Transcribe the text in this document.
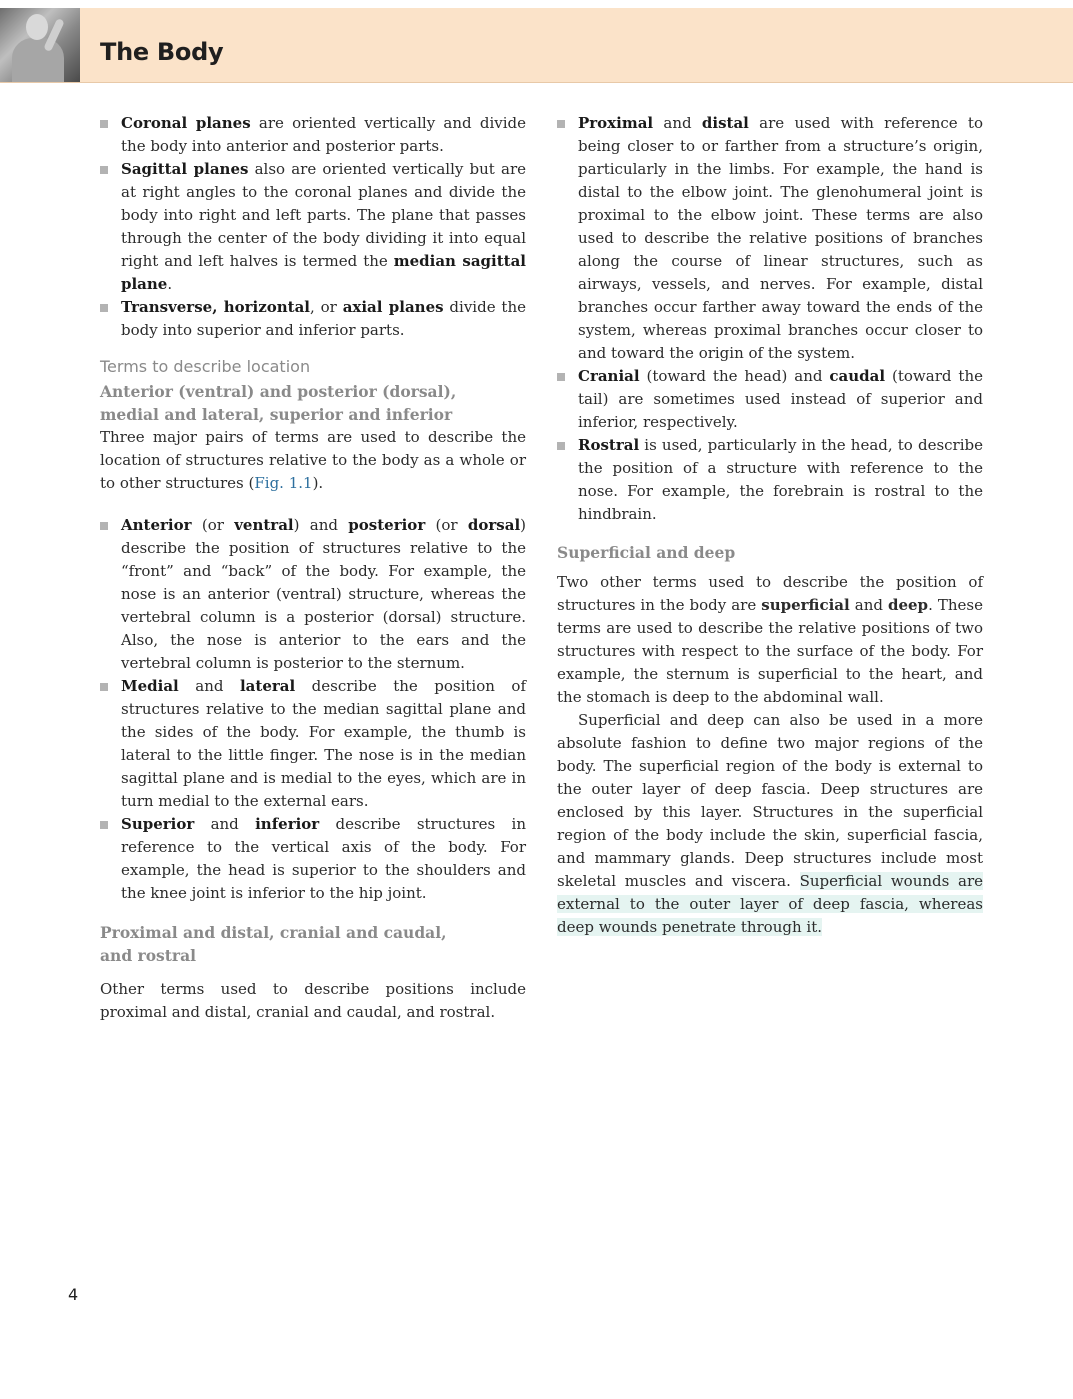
The Body

Coronal planes are oriented vertically and divide the body into anterior and posterior parts.

Sagittal planes also are oriented vertically but are at right angles to the coronal planes and divide the body into right and left parts. The plane that passes through the center of the body dividing it into equal right and left halves is termed the median sagittal plane.

Transverse, horizontal, or axial planes divide the body into superior and inferior parts.

Terms to describe location

Anterior (ventral) and posterior (dorsal),

medial and lateral, superior and inferior

Three major pairs of terms are used to describe the location of structures relative to the body as a whole or to other structures (Fig. 1.1).

Anterior (or ventral) and posterior (or dorsal) describe the position of structures relative to the “front” and “back” of the body. For example, the nose is an anterior (ventral) structure, whereas the vertebral column is a posterior (dorsal) structure. Also, the nose is anterior to the ears and the vertebral column is posterior to the sternum.

Medial and lateral describe the position of structures relative to the median sagittal plane and the sides of the body. For example, the thumb is lateral to the little finger. The nose is in the median sagittal plane and is medial to the eyes, which are in turn medial to the external ears.

Superior and inferior describe structures in reference to the vertical axis of the body. For example, the head is superior to the shoulders and the knee joint is inferior to the hip joint.

Proximal and distal, cranial and caudal,

and rostral

Other terms used to describe positions include proximal and distal, cranial and caudal, and rostral.

Proximal and distal are used with reference to being closer to or farther from a structure’s origin, particularly in the limbs. For example, the hand is distal to the elbow joint. The glenohumeral joint is proximal to the elbow joint. These terms are also used to describe the relative positions of branches along the course of linear structures, such as airways, vessels, and nerves. For example, distal branches occur farther away toward the ends of the system, whereas proximal branches occur closer to and toward the origin of the system.

Cranial (toward the head) and caudal (toward the tail) are sometimes used instead of superior and inferior, respectively.

Rostral is used, particularly in the head, to describe the position of a structure with reference to the nose. For example, the forebrain is rostral to the hindbrain.

Superficial and deep

Two other terms used to describe the position of structures in the body are superficial and deep. These terms are used to describe the relative positions of two structures with respect to the surface of the body. For example, the sternum is superficial to the heart, and the stomach is deep to the abdominal wall.

Superficial and deep can also be used in a more absolute fashion to define two major regions of the body. The superficial region of the body is external to the outer layer of deep fascia. Deep structures are enclosed by this layer. Structures in the superficial region of the body include the skin, superficial fascia, and mammary glands. Deep structures include most skeletal muscles and viscera. Superficial wounds are external to the outer layer of deep fascia, whereas deep wounds penetrate through it.

4
